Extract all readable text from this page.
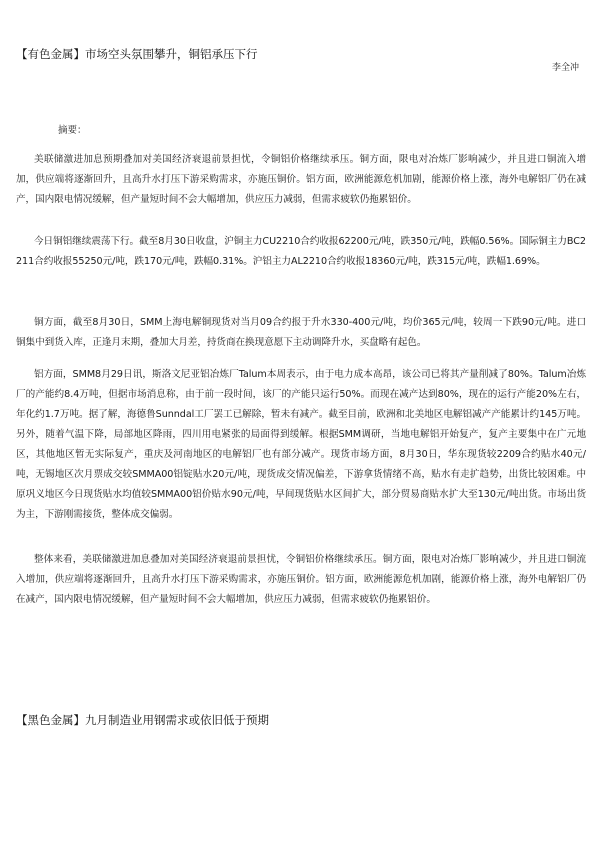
【有色金属】市场空头氛围攀升，铜铝承压下行
李全冲
摘要：

美联储激进加息预期叠加对美国经济衰退前景担忧，令铜铝价格继续承压。铜方面，限电对冶炼厂影响减少，并且进口铜流入增加，供应端将逐渐回升，且高升水打压下游采购需求，亦施压铜价。铝方面，欧洲能源危机加剧，能源价格上涨，海外电解铝厂仍在减产，国内限电情况缓解，但产量短时间不会大幅增加，供应压力减弱，但需求疲软仍拖累铝价。

今日铜铝继续震荡下行。截至8月30日收盘，沪铜主力CU2210合约收报62200元/吨，跌350元/吨，跌幅0.56%。国际铜主力BC2211合约收报55250元/吨，跌170元/吨，跌幅0.31%。沪铝主力AL2210合约收报18360元/吨，跌315元/吨，跌幅1.69%。

铜方面，截至8月30日，SMM上海电解铜现货对当月09合约报于升水330-400元/吨，均价365元/吨，较周一下跌90元/吨。进口铜集中到货入库，正逢月末期，叠加大月差，持货商在换现意愿下主动调降升水，买盘略有起色。

铝方面，SMM8月29日讯，斯洛文尼亚铝冶炼厂Talum本周表示，由于电力成本高昂，该公司已将其产量削减了80%。Talum冶炼厂的产能约8.4万吨，但据市场消息称，由于前一段时间，该厂的产能只运行50%。而现在减产达到80%，现在的运行产能20%左右，年化约1.7万吨。据了解，海德鲁Sunndal工厂罢工已解除，暂未有减产。截至目前，欧洲和北美地区电解铝减产产能累计约145万吨。另外，随着气温下降，局部地区降雨，四川用电紧张的局面得到缓解。根据SMM调研，当地电解铝开始复产，复产主要集中在广元地区，其他地区暂无实际复产，重庆及河南地区的电解铝厂也有部分减产。现货市场方面，8月30日，华东现货较2209合约贴水40元/吨，无锡地区次月票成交较SMMA00铝锭贴水20元/吨，现货成交情况偏差，下游拿货情绪不高，贴水有走扩趋势，出货比较困难。中原巩义地区今日现货贴水均值较SMMA00铝价贴水90元/吨，早间现货贴水区间扩大，部分贸易商贴水扩大至130元/吨出货。市场出货为主，下游刚需接货，整体成交偏弱。

整体来看，美联储激进加息叠加对美国经济衰退前景担忧，令铜铝价格继续承压。铜方面，限电对冶炼厂影响减少，并且进口铜流入增加，供应端将逐渐回升，且高升水打压下游采购需求，亦施压铜价。铝方面，欧洲能源危机加剧，能源价格上涨，海外电解铝厂仍在减产，国内限电情况缓解，但产量短时间不会大幅增加，供应压力减弱，但需求疲软仍拖累铝价。

【黑色金属】九月制造业用钢需求或依旧低于预期
